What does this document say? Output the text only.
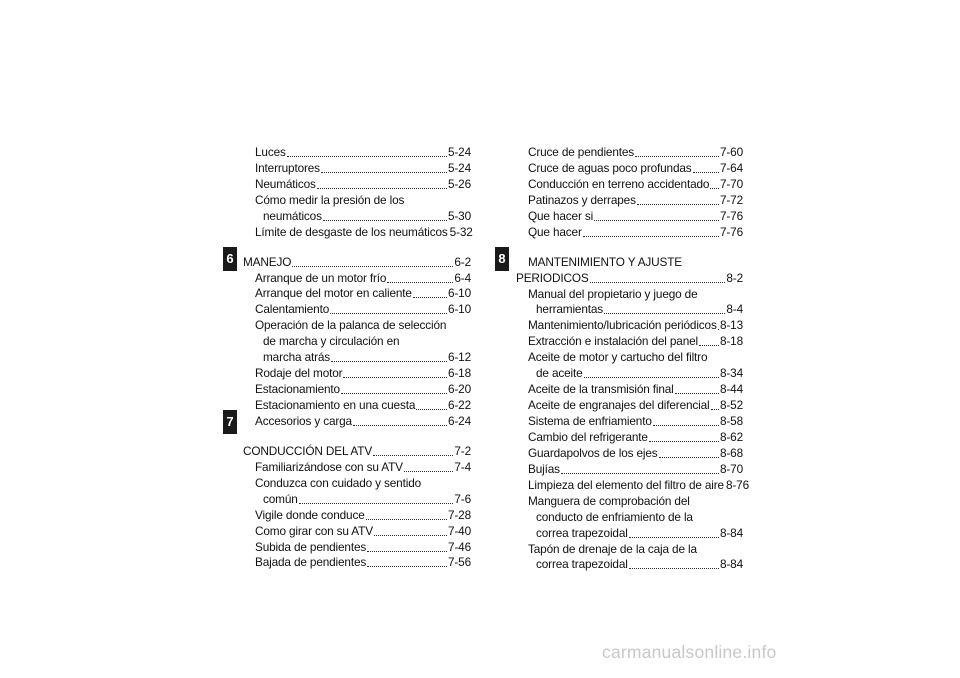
6
7
8
Luces	5-24
Interruptores	5-24
Neumáticos	5-26
Cómo medir la presión de los
neumáticos	5-30
Límite de desgaste de los neumáticos 5-32
MANEJO	6-2
Arranque de un motor frío	6-4
Arranque del motor en caliente	6-10
Calentamiento	6-10
Operación de la palanca de selección
de marcha y circulación en
marcha atrás	6-12
Rodaje del motor	6-18
Estacionamiento	6-20
Estacionamiento en una cuesta	6-22
Accesorios y carga	6-24
CONDUCCIÓN DEL ATV	7-2
Familiarizándose con su ATV	7-4
Conduzca con cuidado y sentido
común	7-6
Vigile donde conduce	7-28
Como girar con su ATV	7-40
Subida de pendientes	7-46
Bajada de pendientes	7-56
Cruce de pendientes	7-60
Cruce de aguas poco profundas 7-64
Conducción en terreno accidentado 7-70
Patinazos y derrapes	7-72
Que hacer si	7-76
Que hacer	7-76
MANTENIMIENTO Y AJUSTE
PERIODICOS	8-2
Manual del propietario y juego de
herramientas	8-4
Mantenimiento/lubricación periódicos 8-13
Extracción e instalación del panel 8-18
Aceite de motor y cartucho del filtro
de aceite	8-34
Aceite de la transmisión final	8-44
Aceite de engranajes del diferencial 8-52
Sistema de enfriamiento	8-58
Cambio del refrigerante	8-62
Guardapolvos de los ejes	8-68
Bujías	8-70
Limpieza del elemento del filtro de aire 8-76
Manguera de comprobación del
conducto de enfriamiento de la
correa trapezoidal	8-84
Tapón de drenaje de la caja de la
correa trapezoidal	8-84
carmanualsonline.info
